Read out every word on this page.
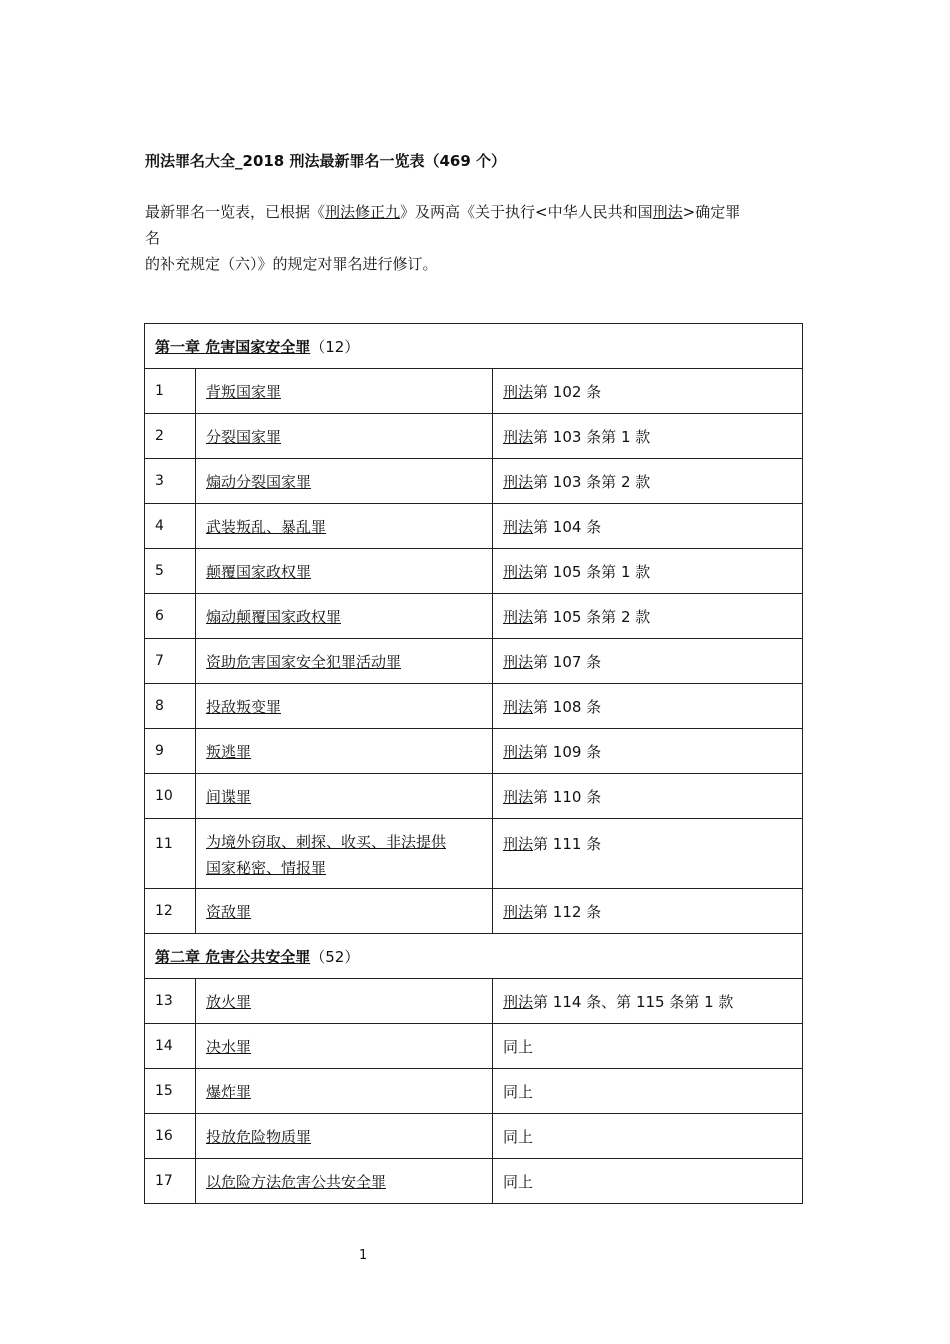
刑法罪名大全_2018 刑法最新罪名一览表（469 个）

最新罪名一览表，已根据《刑法修正九》及两高《关于执行<中华人民共和国刑法>确定罪

名

的补充规定（六）》的规定对罪名进行修订。

第一章 危害国家安全罪（12）		
1	背叛国家罪	刑法第 102 条
2	分裂国家罪	刑法第 103 条第 1 款
3	煽动分裂国家罪	刑法第 103 条第 2 款
4	武装叛乱、暴乱罪	刑法第 104 条
5	颠覆国家政权罪	刑法第 105 条第 1 款
6	煽动颠覆国家政权罪	刑法第 105 条第 2 款
7	资助危害国家安全犯罪活动罪	刑法第 107 条
8	投敌叛变罪	刑法第 108 条
9	叛逃罪	刑法第 109 条
10	间谍罪	刑法第 110 条
11	为境外窃取、刺探、收买、非法提供
国家秘密、情报罪	刑法第 111 条
12	资敌罪	刑法第 112 条
第二章 危害公共安全罪（52）		
13	放火罪	刑法第 114 条、第 115 条第 1 款
14	决水罪	同上
15	爆炸罪	同上
16	投放危险物质罪	同上
17	以危险方法危害公共安全罪	同上
1
